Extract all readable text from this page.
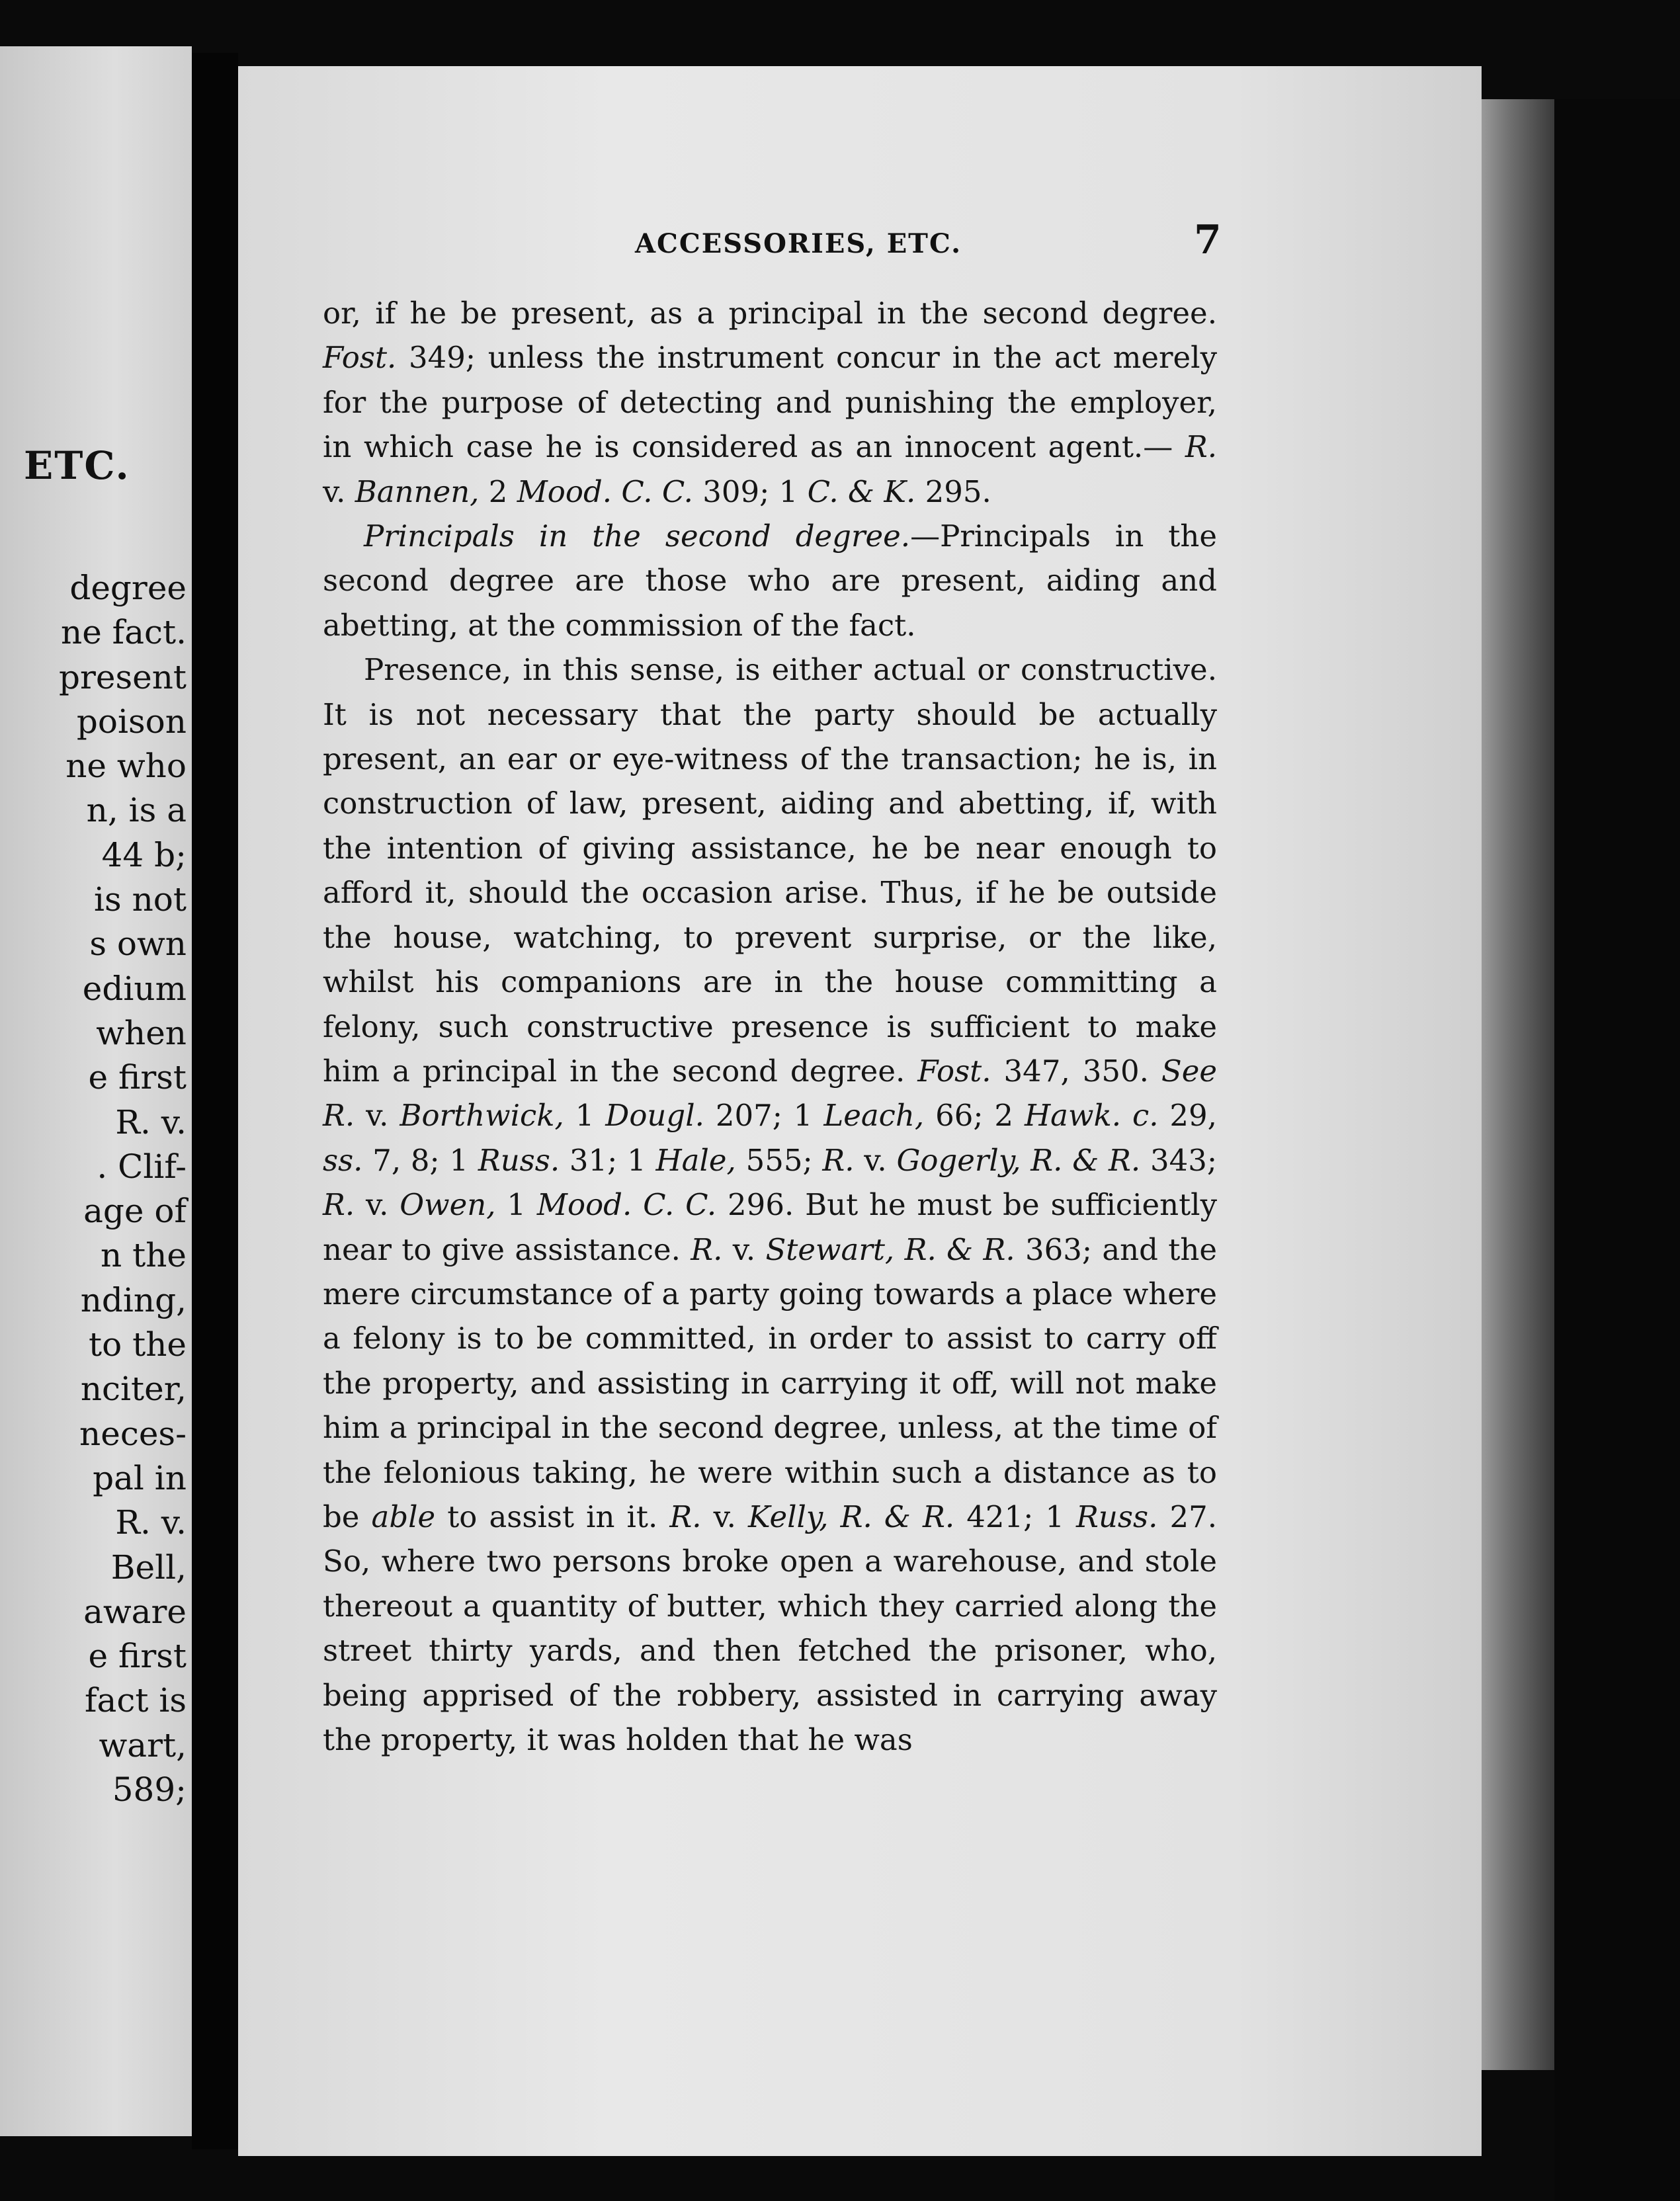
ETC.
degree
ne fact.
present
poison
ne who
n, is a
44 b;
is not
s own
edium
when
e first
R. v.
. Clif-
age of
n the
nding,
to the
nciter,
neces-
pal in
R. v.
Bell,
aware
e first
fact is
wart,
589;
ACCESSORIES, ETC.	7

or, if he be present, as a principal in the second degree. Fost. 349; unless the instrument concur in the act merely for the purpose of detecting and punishing the employer, in which case he is considered as an innocent agent.— R. v. Bannen, 2 Mood. C. C. 309; 1 C. & K. 295.

Principals in the second degree.—Principals in the second degree are those who are present, aiding and abetting, at the commission of the fact.

Presence, in this sense, is either actual or constructive. It is not necessary that the party should be actually present, an ear or eye-witness of the transaction; he is, in construction of law, present, aiding and abetting, if, with the intention of giving assistance, he be near enough to afford it, should the occasion arise. Thus, if he be outside the house, watching, to prevent surprise, or the like, whilst his companions are in the house committing a felony, such constructive presence is sufficient to make him a principal in the second degree. Fost. 347, 350. See R. v. Borthwick, 1 Dougl. 207; 1 Leach, 66; 2 Hawk. c. 29, ss. 7, 8; 1 Russ. 31; 1 Hale, 555; R. v. Gogerly, R. & R. 343; R. v. Owen, 1 Mood. C. C. 296. But he must be sufficiently near to give assistance. R. v. Stewart, R. & R. 363; and the mere circumstance of a party going towards a place where a felony is to be committed, in order to assist to carry off the property, and assisting in carrying it off, will not make him a principal in the second degree, unless, at the time of the felonious taking, he were within such a distance as to be able to assist in it. R. v. Kelly, R. & R. 421; 1 Russ. 27. So, where two persons broke open a warehouse, and stole thereout a quantity of butter, which they carried along the street thirty yards, and then fetched the prisoner, who, being apprised of the robbery, assisted in carrying away the property, it was holden that he was
